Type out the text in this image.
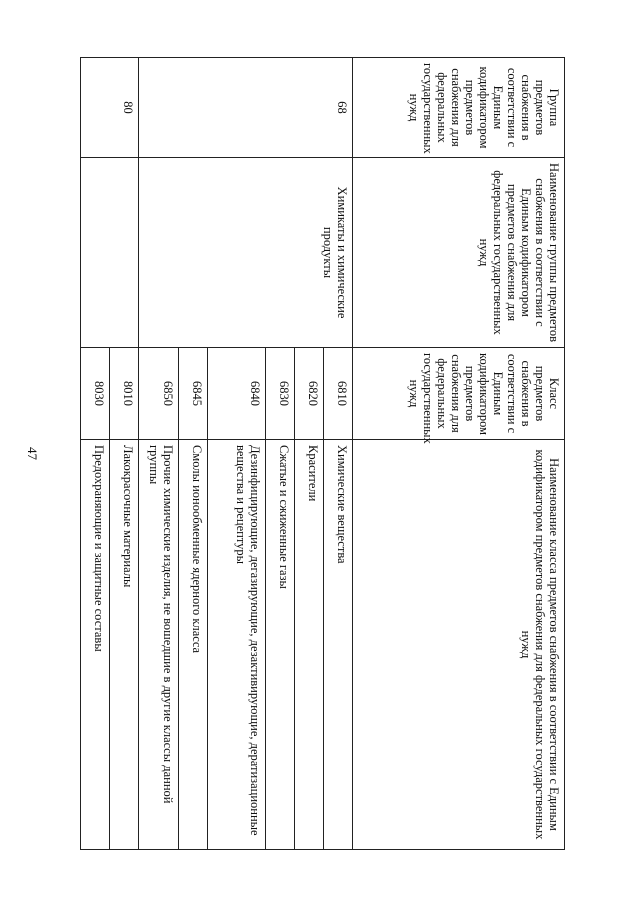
47
Группа предметов снабжения в соответствии с Единым кодификатором предметов снабжения для федеральных государственных нужд	Наименование группы предметов снабжения в соответствии с Единым кодификатором предметов снабжения для федеральных государственных нужд	Класс предметов снабжения в соответствии с Единым кодификатором предметов снабжения для федеральных государственных нужд	Наименование класса предметов снабжения в соответствии с Единым кодификатором предметов снабжения для федеральных государственных нужд
68	Химикаты и химические продукты	6810	Химические вещества
		6820	Красители
		6830	Сжатые и сжиженные газы
		6840	Дезинфицирующие, дегазирующие, дезактивирующие, дератизационные вещества и рецептуры
		6845	Смолы ионообменные ядерного класса
		6850	Прочие химические изделия, не вошедшие в другие классы данной группы
80		8010	Лакокрасочные материалы
		8030	Предохраняющие и защитные составы
